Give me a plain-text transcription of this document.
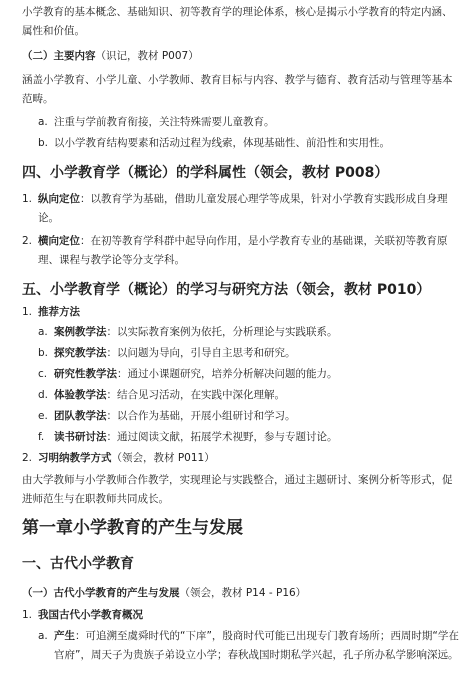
小学教育的基本概念、基础知识、初等教育学的理论体系，核心是揭示小学教育的特定内涵、属性和价值。

（二）主要内容（识记，教材 P007）

涵盖小学教育、小学儿童、小学教师、教育目标与内容、教学与德育、教育活动与管理等基本范畴。

a. 注重与学前教育衔接，关注特殊需要儿童教育。
b. 以小学教育结构要素和活动过程为线索，体现基础性、前沿性和实用性。
四、小学教育学（概论）的学科属性（领会，教材 P008）
1. 纵向定位：以教育学为基础，借助儿童发展心理学等成果，针对小学教育实践形成自身理论。
2. 横向定位：在初等教育学科群中起导向作用，是小学教育专业的基础课，关联初等教育原理、课程与教学论等分支学科。
五、小学教育学（概论）的学习与研究方法（领会，教材 P010）
1. 推荐方法
a. 案例教学法：以实际教育案例为依托，分析理论与实践联系。
b. 探究教学法：以问题为导向，引导自主思考和研究。
c. 研究性教学法：通过小课题研究，培养分析解决问题的能力。
d. 体验教学法：结合见习活动，在实践中深化理解。
e. 团队教学法：以合作为基础，开展小组研讨和学习。
f. 读书研讨法：通过阅读文献，拓展学术视野，参与专题讨论。
2. 习明纳教学方式（领会，教材 P011）

由大学教师与小学教师合作教学，实现理论与实践整合，通过主题研讨、案例分析等形式，促进师范生与在职教师共同成长。

第一章小学教育的产生与发展
一、古代小学教育
（一）古代小学教育的产生与发展（领会，教材 P14 - P16）
1. 我国古代小学教育概况
a. 产生：可追溯至虞舜时代的“下庠”，殷商时代可能已出现专门教育场所；西周时期“学在官府”，周天子为贵族子弟设立小学；春秋战国时期私学兴起，孔子所办私学影响深远。
